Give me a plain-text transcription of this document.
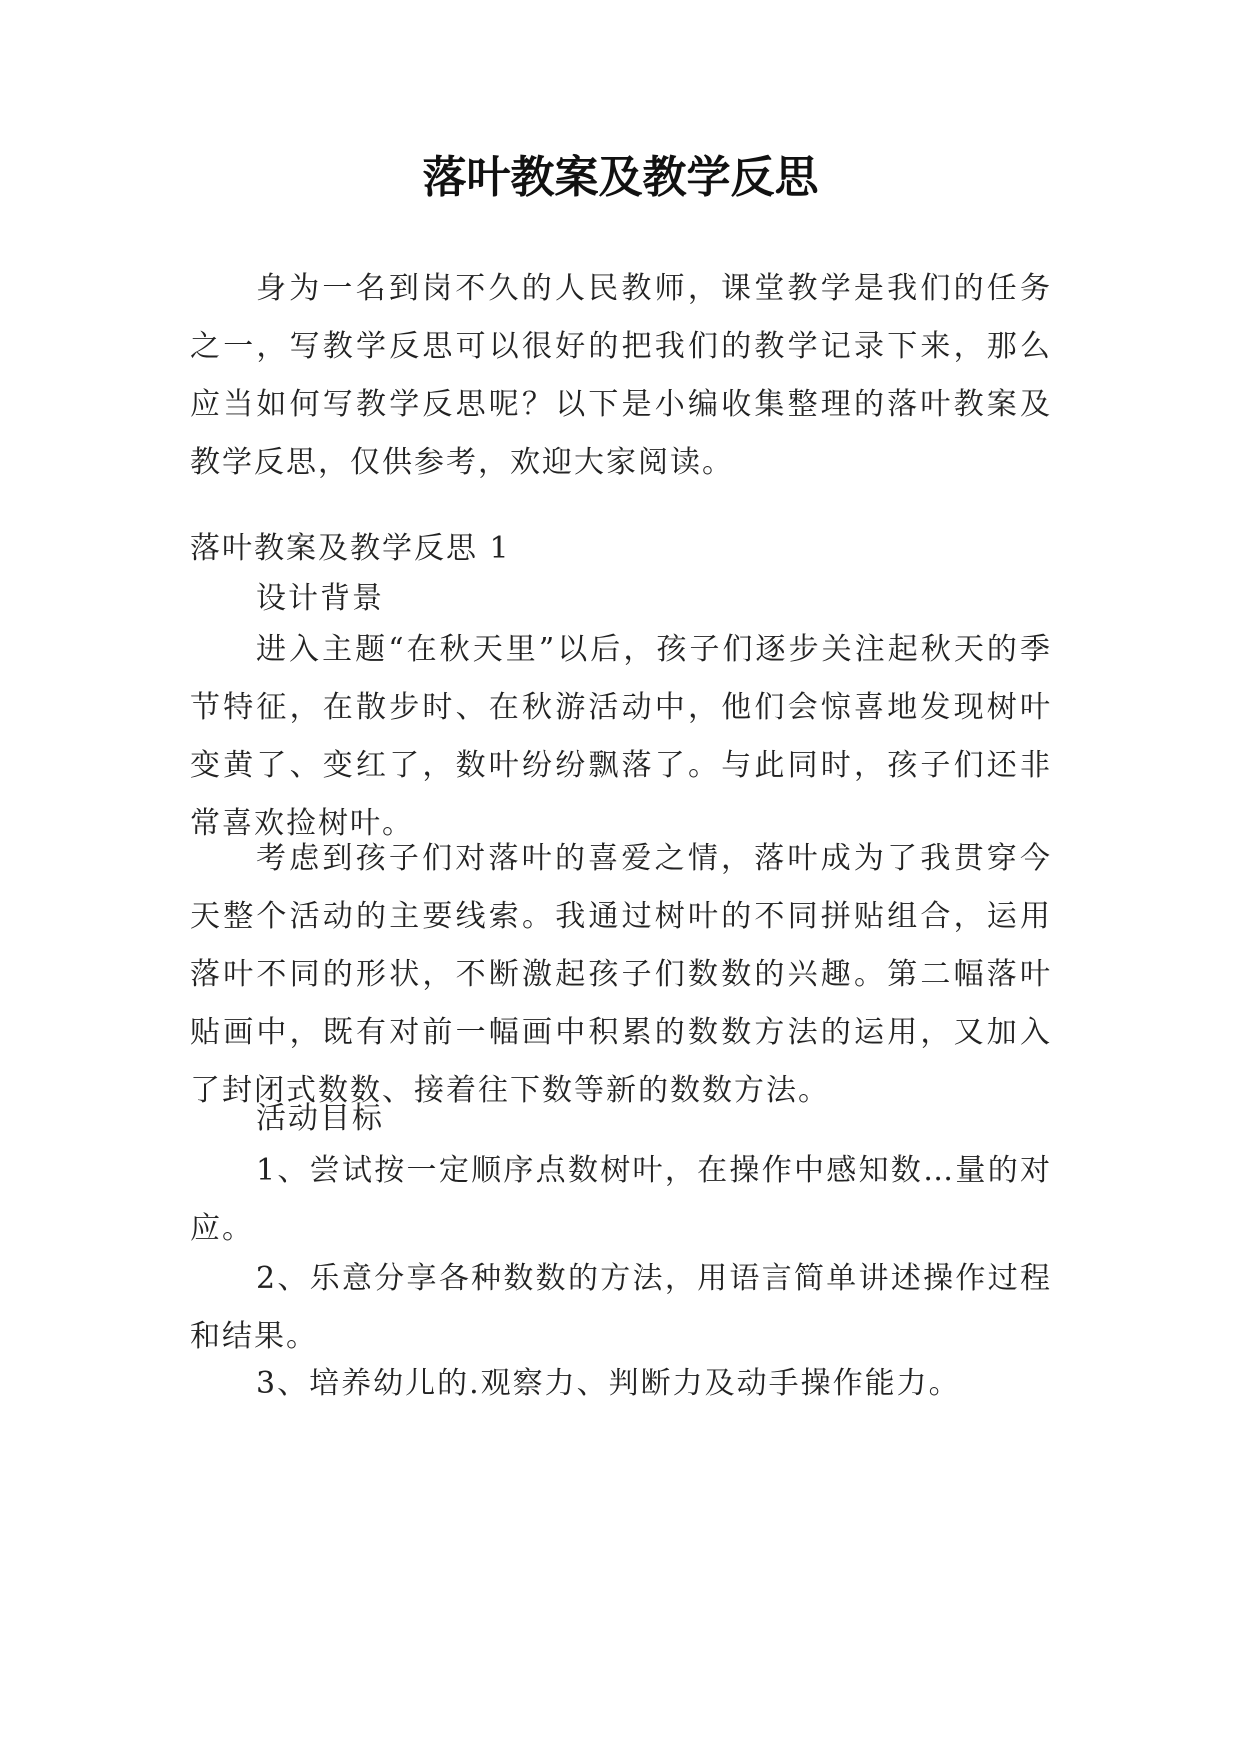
落叶教案及教学反思

身为一名到岗不久的人民教师，课堂教学是我们的任务之一，写教学反思可以很好的把我们的教学记录下来，那么应当如何写教学反思呢？以下是小编收集整理的落叶教案及教学反思，仅供参考，欢迎大家阅读。

落叶教案及教学反思 1

设计背景

进入主题“在秋天里”以后，孩子们逐步关注起秋天的季节特征，在散步时、在秋游活动中，他们会惊喜地发现树叶变黄了、变红了，数叶纷纷飘落了。与此同时，孩子们还非常喜欢捡树叶。

考虑到孩子们对落叶的喜爱之情，落叶成为了我贯穿今天整个活动的主要线索。我通过树叶的不同拼贴组合，运用落叶不同的形状，不断激起孩子们数数的兴趣。第二幅落叶贴画中，既有对前一幅画中积累的数数方法的运用，又加入了封闭式数数、接着往下数等新的数数方法。

活动目标

1、尝试按一定顺序点数树叶，在操作中感知数…量的对应。

2、乐意分享各种数数的方法，用语言简单讲述操作过程和结果。

3、培养幼儿的.观察力、判断力及动手操作能力。
